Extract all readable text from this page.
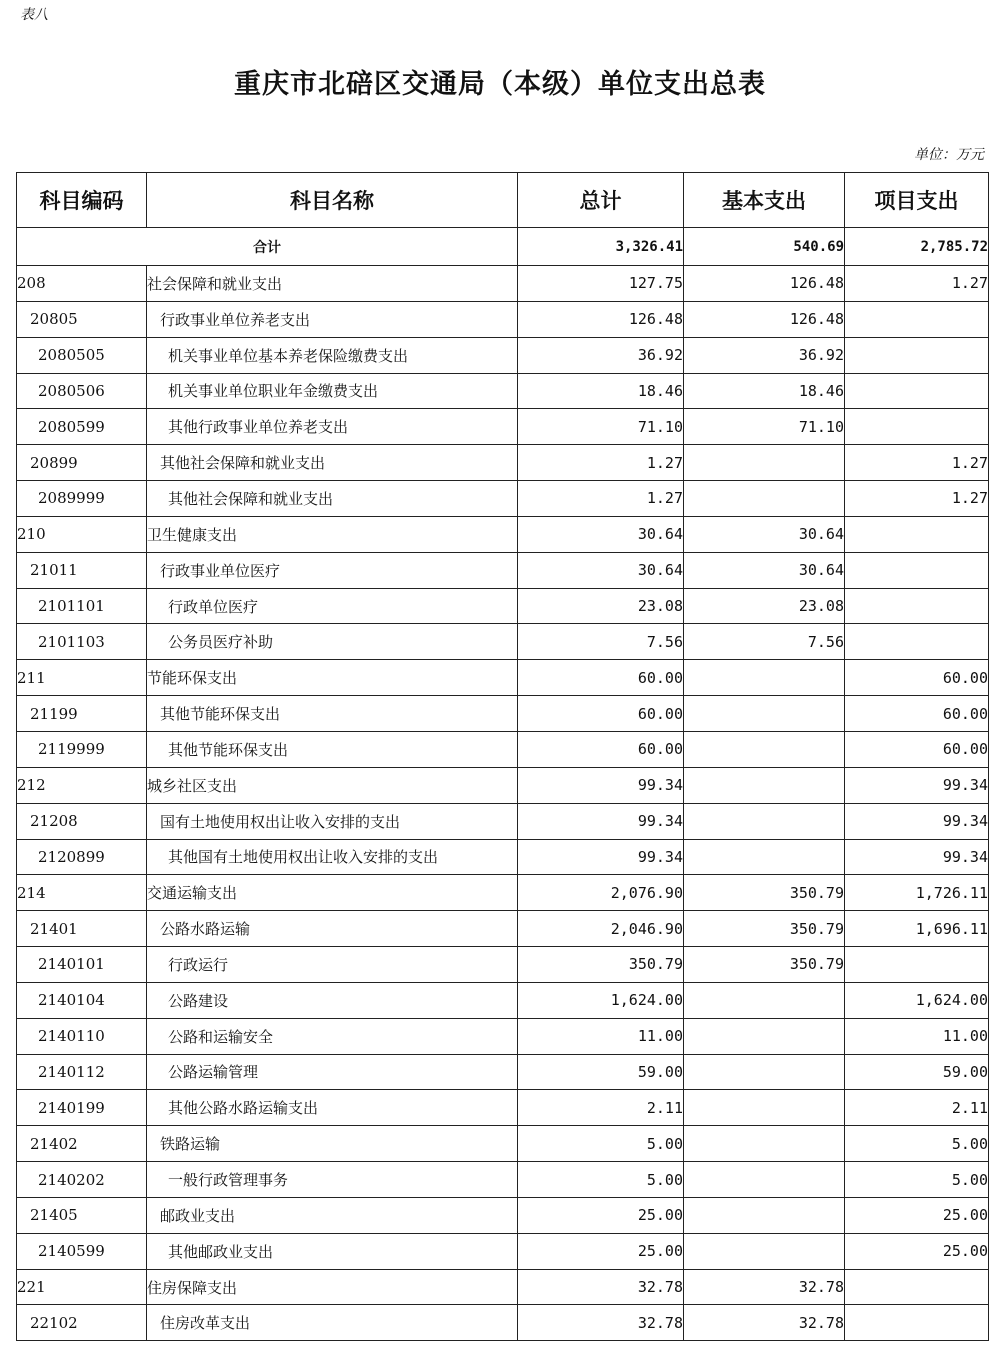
表八
重庆市北碚区交通局（本级）单位支出总表
单位：万元
科目编码	科目名称	总计	基本支出	项目支出
合计		3,326.41	540.69	2,785.72
208	社会保障和就业支出	127.75	126.48	1.27
20805	行政事业单位养老支出	126.48	126.48	
2080505	机关事业单位基本养老保险缴费支出	36.92	36.92	
2080506	机关事业单位职业年金缴费支出	18.46	18.46	
2080599	其他行政事业单位养老支出	71.10	71.10	
20899	其他社会保障和就业支出	1.27		1.27
2089999	其他社会保障和就业支出	1.27		1.27
210	卫生健康支出	30.64	30.64	
21011	行政事业单位医疗	30.64	30.64	
2101101	行政单位医疗	23.08	23.08	
2101103	公务员医疗补助	7.56	7.56	
211	节能环保支出	60.00		60.00
21199	其他节能环保支出	60.00		60.00
2119999	其他节能环保支出	60.00		60.00
212	城乡社区支出	99.34		99.34
21208	国有土地使用权出让收入安排的支出	99.34		99.34
2120899	其他国有土地使用权出让收入安排的支出	99.34		99.34
214	交通运输支出	2,076.90	350.79	1,726.11
21401	公路水路运输	2,046.90	350.79	1,696.11
2140101	行政运行	350.79	350.79	
2140104	公路建设	1,624.00		1,624.00
2140110	公路和运输安全	11.00		11.00
2140112	公路运输管理	59.00		59.00
2140199	其他公路水路运输支出	2.11		2.11
21402	铁路运输	5.00		5.00
2140202	一般行政管理事务	5.00		5.00
21405	邮政业支出	25.00		25.00
2140599	其他邮政业支出	25.00		25.00
221	住房保障支出	32.78	32.78	
22102	住房改革支出	32.78	32.78	
